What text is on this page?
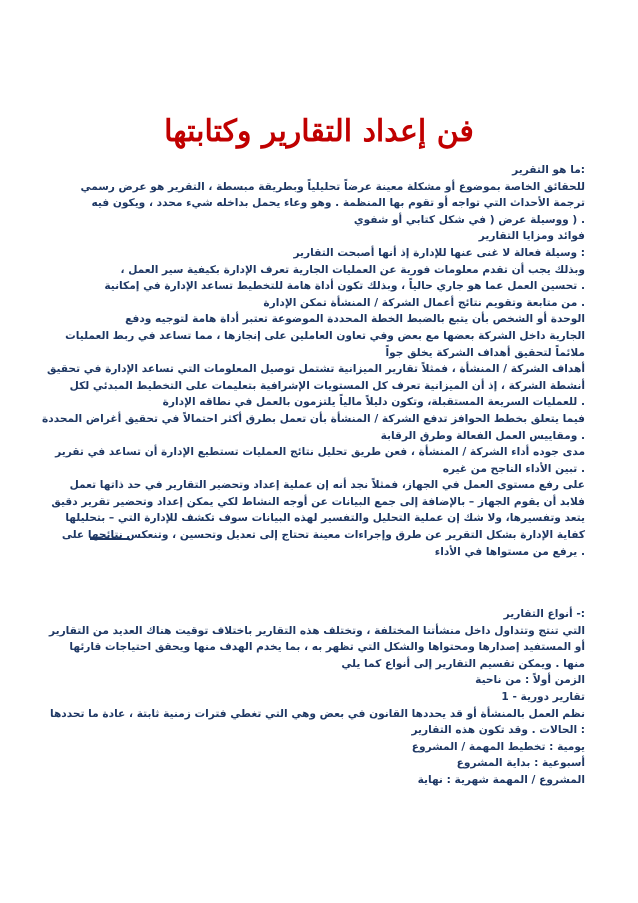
فن إعداد التقارير وكتابتها

:ما هو التقرير

للحقائق الخاصة بموضوع أو مشكلة معينة عرضاً تحليلياً وبطريقة مبسطة ، التقرير هو عرض رسمي

ترجمة الأحداث التي تواجه أو تقوم بها المنظمة . وهو وعاء يحمل بداخله شيء محدد ، ويكون فيه

. ( ووسيلة عرض ( في شكل كتابي أو شفوي

فوائد ومزايا التقارير

: وسيلة فعالة لا غنى عنها للإدارة إذ أنها أصبحت التقارير

وبذلك يجب أن تقدم معلومات فورية عن العمليات الجارية تعرف الإدارة بكيفية سير العمل ،

. تحسين العمل عما هو جاري حالياً ، وبذلك تكون أداة هامة للتخطيط تساعد الإدارة في إمكانية

. من متابعة وتقويم نتائج أعمال الشركة / المنشأة تمكن الإدارة

الوحدة أو الشخص بأن يتبع بالضبط الخطة المحددة الموضوعة تعتبر أداة هامة لتوجيه ودفع

الجارية داخل الشركة بعضها مع بعض وفي تعاون العاملين على إنجازها ، مما تساعد في ربط العمليات

ملائماً لتحقيق أهداف الشركة يخلق جواً

أهداف الشركة / المنشأة ، فمثلاً تقارير الميزانية تشتمل توصيل المعلومات التي تساعد الإدارة في تحقيق

أنشطة الشركة ، إذ أن الميزانية تعرف كل المستويات الإشرافية بتعليمات على التخطيط المبدئي لكل

. للعمليات السريعة المستقبلة، وتكون دليلاً مالياً يلتزمون بالعمل في نطاقه الإدارة

فيما يتعلق بخطط الحوافز تدفع الشركة / المنشأة بأن تعمل بطرق أكثر احتمالاً في تحقيق أغراض المحددة

. ومقاييس العمل الفعالة وطرق الرقابة

مدى جوده أداء الشركة / المنشأة ، فعن طريق تحليل نتائج العمليات تستطيع الإدارة أن تساعد في تقرير

. تبين الأداء الناجح من غيره

على رفع مستوى العمل في الجهاز، فمثلاً نجد أنه إن عملية إعداد وتحضير التقارير في حد ذاتها تعمل

فلابد أن يقوم الجهاز – بالإضافة إلى جمع البيانات عن أوجه النشاط لكي يمكن إعداد وتحضير تقرير دقيق

يتعد وتفسيرها، ولا شك إن عملية التحليل والتفسير لهذه البيانات سوف تكشف للإدارة التي – بتحليلها

كفاية الإدارة بشكل التقرير عن طرق وإجراءات معينة تحتاج إلى تعديل وتحسين ، وتنعكس نتائجها على

. يرفع من مستواها في الأداء

:- أنواع التقارير

التي تنتج وتتداول داخل منشأتنا المختلفة ، وتختلف هذه التقارير باختلاف توقيت هناك العديد من التقارير

أو المستفيد إصدارها ومحتواها والشكل التي تظهر به ، بما يخدم الهدف منها ويحقق احتياجات قارئها

منها . ويمكن تقسيم التقارير إلى أنواع كما يلي

الزمن أولاً : من ناحية

تقارير دورية - 1

نظم العمل بالمنشأة أو قد يحددها القانون في بعض وهي التي تغطي فترات زمنية ثابتة ، عادة ما تحددها

: الحالات . وقد تكون هذه التقارير

يومية : تخطيط المهمة / المشروع

أسبوعية : بداية المشروع

المشروع / المهمة شهرية : نهاية
